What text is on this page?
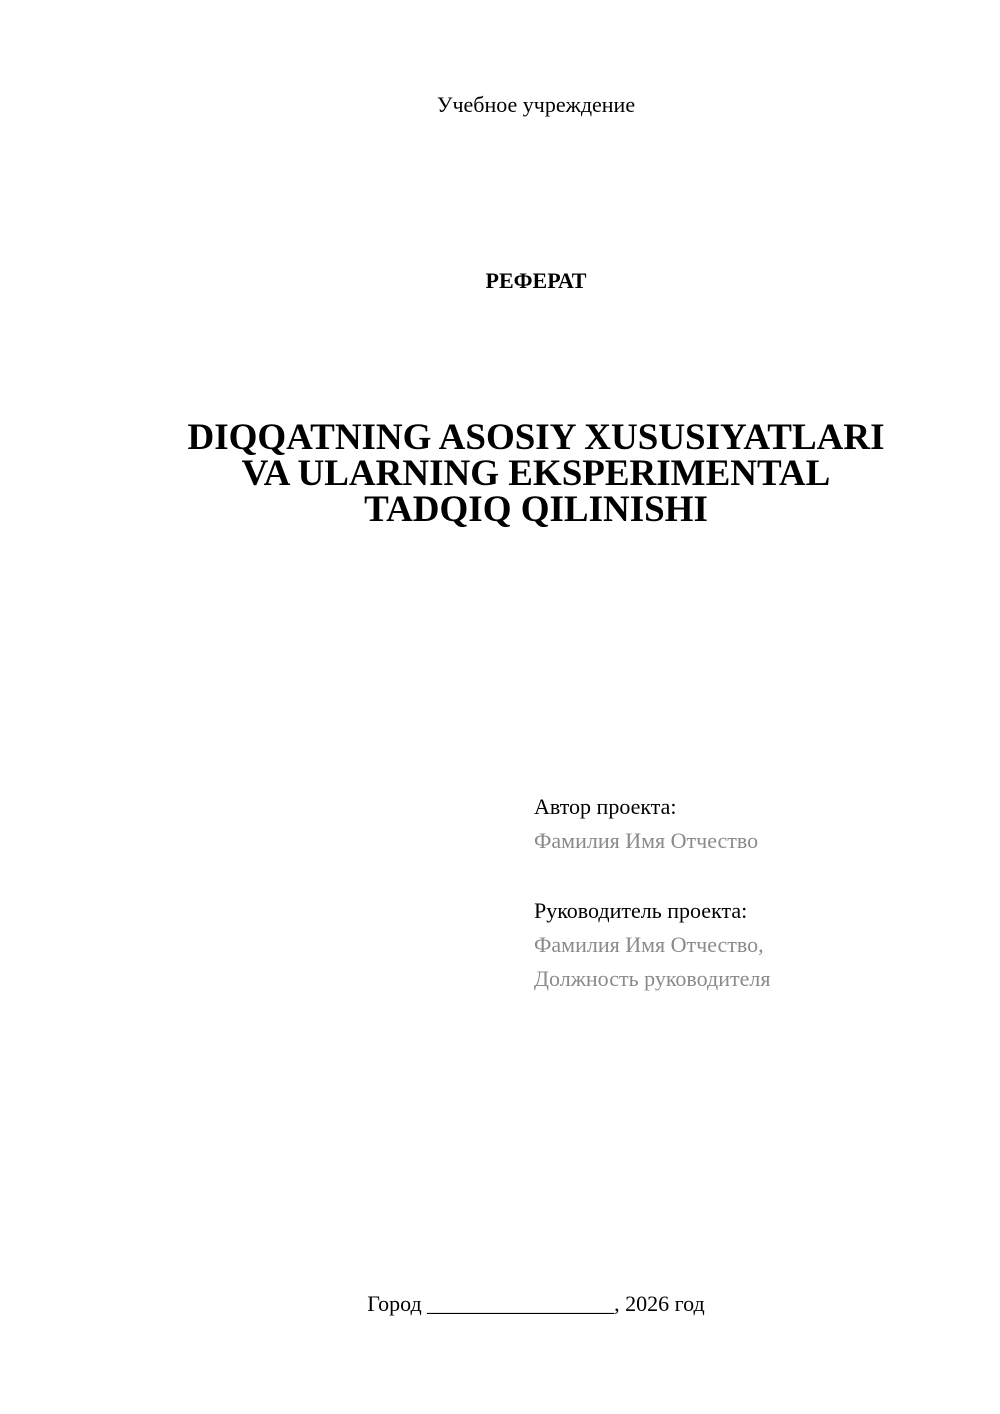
Учебное учреждение
РЕФЕРАТ
DIQQATNING ASOSIY XUSUSIYATLARI
VA ULARNING EKSPERIMENTAL
TADQIQ QILINISHI
Автор проекта:
Фамилия Имя Отчество
Руководитель проекта:
Фамилия Имя Отчество,
Должность руководителя
Город _________________, 2026 год
